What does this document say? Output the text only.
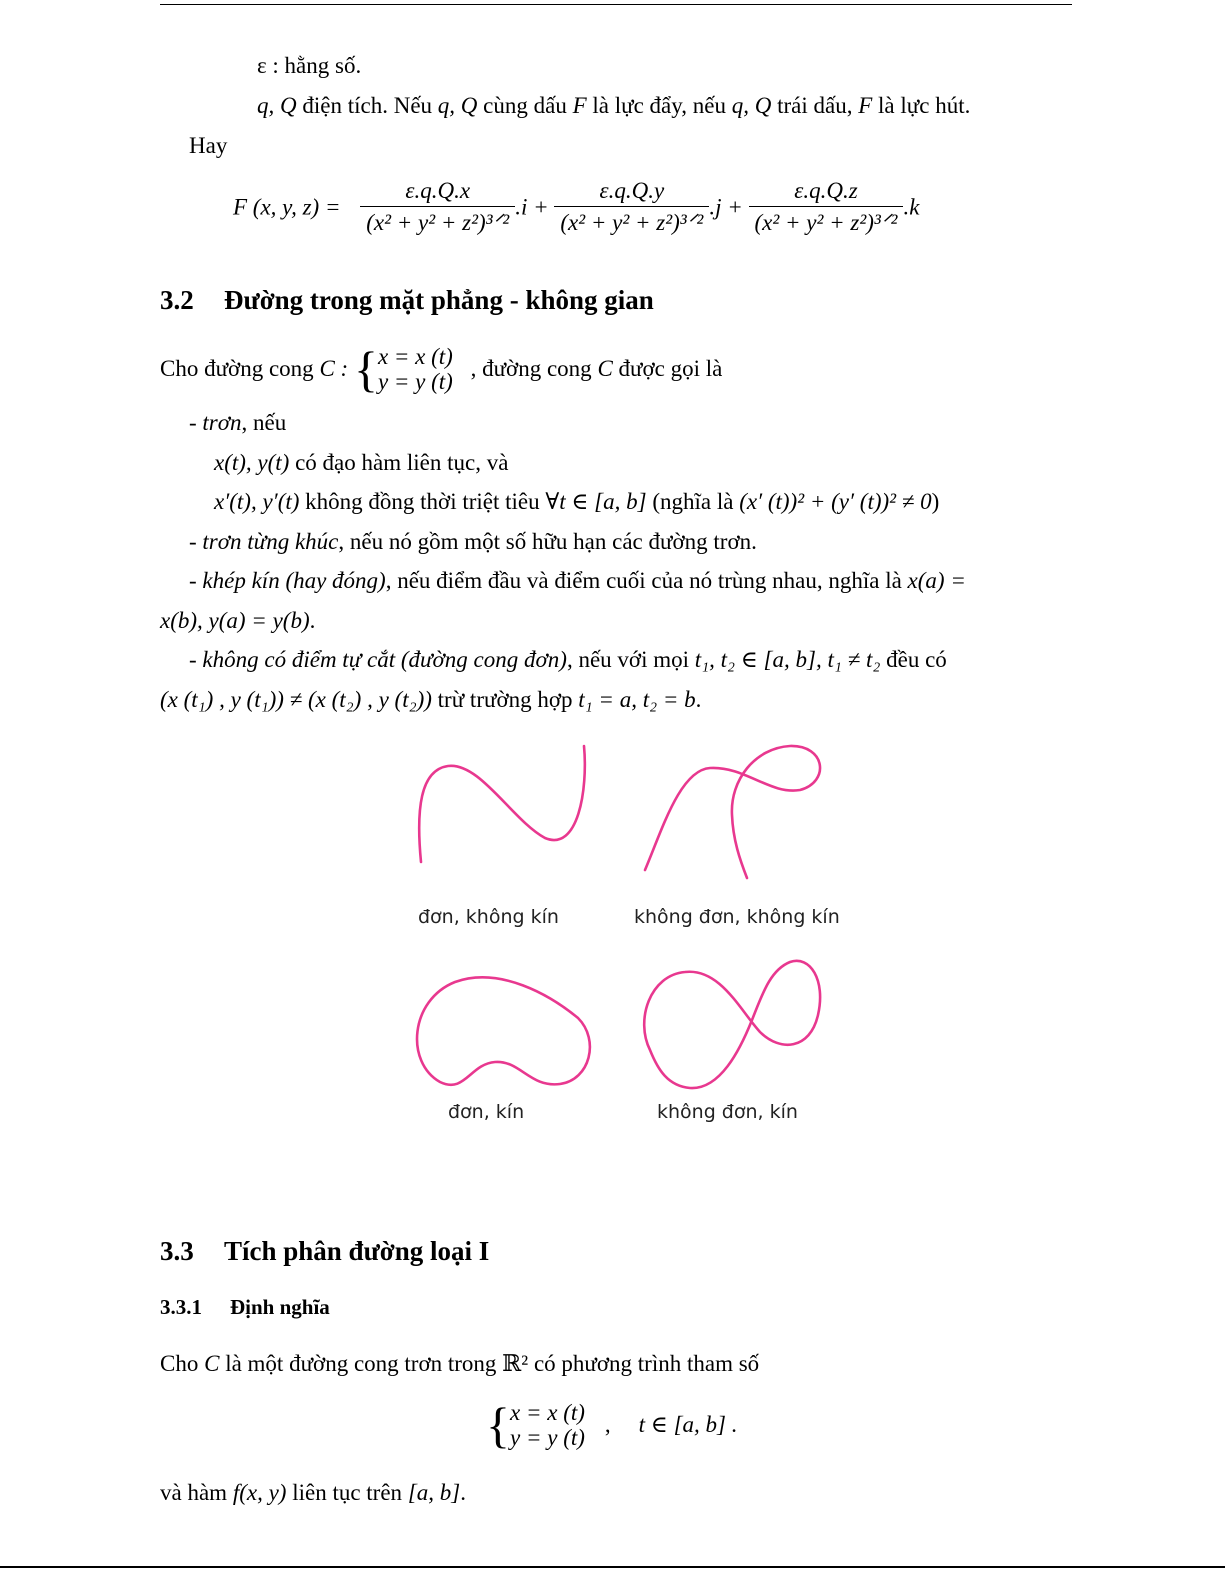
ε : hằng số.
q, Q điện tích. Nếu q, Q cùng dấu F là lực đẩy, nếu q, Q trái dấu, F là lực hút.
Hay
F (x, y, $z) = \frac{\varepsilon.q.Q.x}{\text{(x² + y² + z²)³ᐟ²}} .i + \frac{\varepsilon.q.Q.y}{\text{(x² + y² + z²)³ᐟ²}} .j + \frac{\varepsilon.q.Q.z}{\text{(x² + y² + z²)³ᐟ²}} .k$
3.2 Đường trong mặt phẳng - không gian
Cho đường cong C : { x = x (t)
y = y (t)
, đường cong C được gọi là
- trơn, nếu
x(t), y(t) có đạo hàm liên tục, và
x′(t), y′(t) không đồng thời triệt tiêu ∀t ∈ [a, b] (nghĩa là (x′ (t))² + (y′ (t))² ≠ 0)
- trơn từng khúc, nếu nó gồm một số hữu hạn các đường trơn.
- khép kín (hay đóng), nếu điểm đầu và điểm cuối của nó trùng nhau, nghĩa là x(a) =
x(b), y(a) = y(b).
- không có điểm tự cắt (đường cong đơn), nếu với mọi t₁, t₂ ∈ [a, b], t₁ ≠ t₂ đều có
(x (t₁) , y (t₁)) ≠ (x (t₂) , y (t₂)) trừ trường hợp t₁ = a, t₂ = b.
đơn, không kín	không đơn, không kín
đơn, kín	không đơn, kín
3.3 Tích phân đường loại I
3.3.1 Định nghĩa
Cho C là một đường cong trơn trong ℝ² có phương trình tham số
{ x = x (t)
y = y (t)
, t ∈ [a, b] .
và hàm f(x, y) liên tục trên [a, b].
